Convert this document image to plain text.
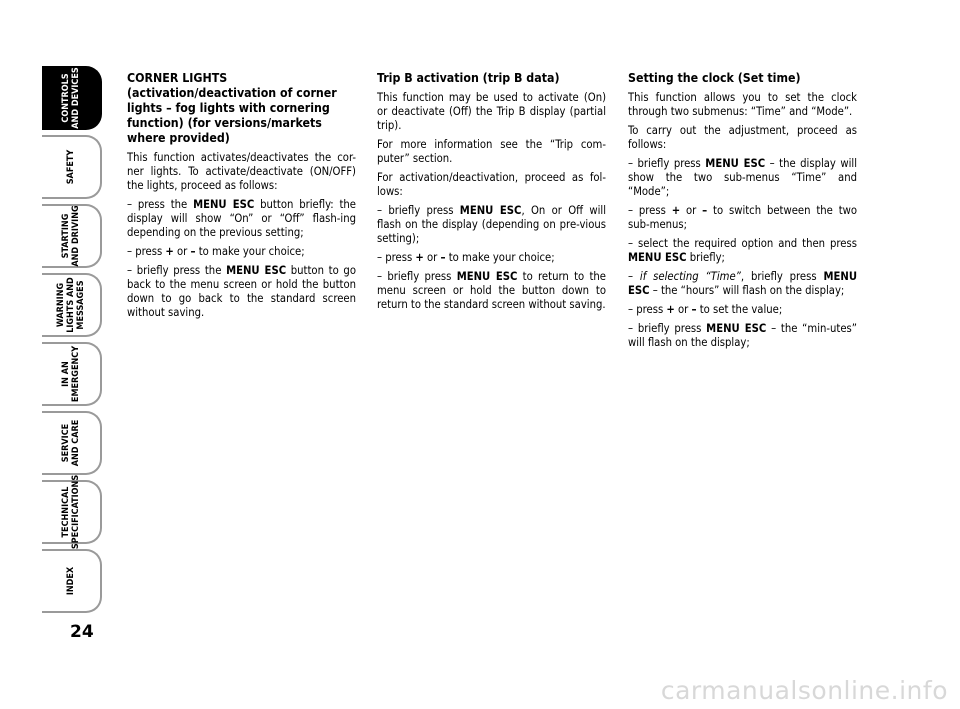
CONTROLS
AND DEVICES
SAFETY
STARTING
AND DRIVING
WARNING
LIGHTS AND
MESSAGES
IN AN
EMERGENCY
SERVICE
AND CARE
TECHNICAL
SPECIFICATIONS
INDEX
24
CORNER LIGHTS (activation/deactivation of corner lights – fog lights with cornering function) (for versions/markets where provided)

This function activates/deactivates the cor-ner lights. To activate/deactivate (ON/OFF) the lights, proceed as follows:

– press the MENU ESC button briefly: the display will show “On” or “Off” flash-ing depending on the previous setting;

– press + or – to make your choice;

– briefly press the MENU ESC button to go back to the menu screen or hold the button down to go back to the standard screen without saving.

Trip B activation (trip B data)

This function may be used to activate (On) or deactivate (Off) the Trip B display (partial trip).

For more information see the “Trip com-puter” section.

For activation/deactivation, proceed as fol-lows:

– briefly press MENU ESC, On or Off will flash on the display (depending on pre-vious setting);

– press + or – to make your choice;

– briefly press MENU ESC to return to the menu screen or hold the button down to return to the standard screen without saving.

Setting the clock (Set time)

This function allows you to set the clock through two submenus: “Time” and “Mode”.

To carry out the adjustment, proceed as follows:

– briefly press MENU ESC – the display will show the two sub-menus “Time” and “Mode”;

– press + or – to switch between the two sub-menus;

– select the required option and then press MENU ESC briefly;

– if selecting “Time”, briefly press MENU ESC – the “hours” will flash on the display;

– press + or – to set the value;

– briefly press MENU ESC – the “min-utes” will flash on the display;

carmanualsonline.info
